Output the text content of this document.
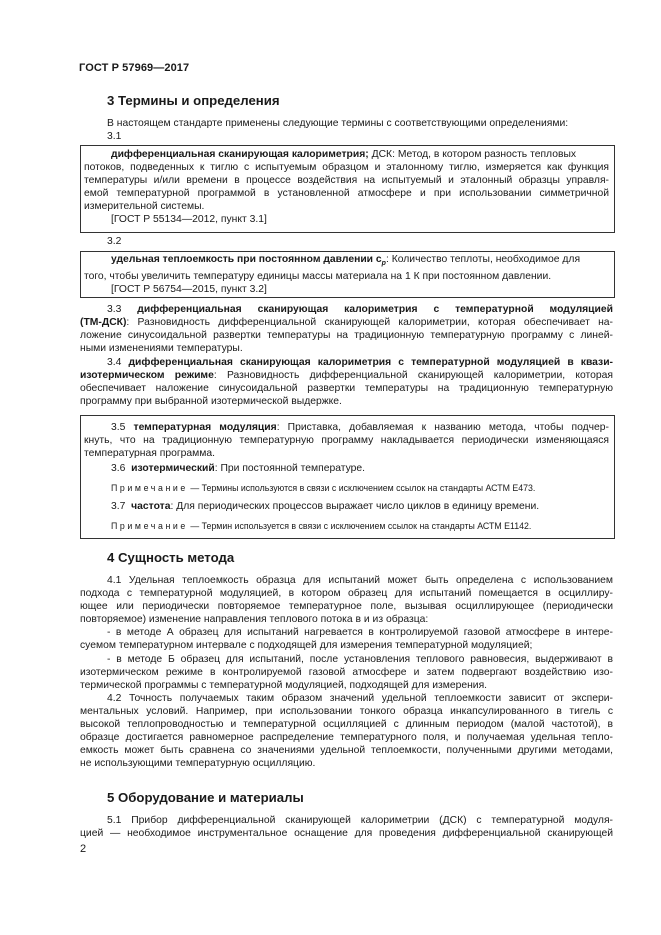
ГОСТ Р 57969—2017
3 Термины и определения
В настоящем стандарте применены следующие термины с соответствующими определениями:
3.1
дифференциальная сканирующая калориметрия; ДСК: Метод, в котором разность тепловых
потоков, подведенных к тиглю с испытуемым образцом и эталонному тиглю, измеряется как функция
температуры и/или времени в процессе воздействия на испытуемый и эталонный образцы управля-
емой температурной программой в установленной атмосфере и при использовании симметричной
измерительной системы.
[ГОСТ Р 55134—2012, пункт 3.1]
3.2
удельная теплоемкость при постоянном давлении $c_p$: Количество теплоты, необходимое для
того, чтобы увеличить температуру единицы массы материала на 1 К при постоянном давлении.
[ГОСТ Р 56754—2015, пункт 3.2]
3.3 дифференциальная сканирующая калориметрия с температурной модуляцией
(ТМ-ДСК): Разновидность дифференциальной сканирующей калориметрии, которая обеспечивает на-
ложение синусоидальной развертки температуры на традиционную температурную программу с линей-
ными изменениями температуры.
3.4 дифференциальная сканирующая калориметрия с температурной модуляцией в квази-
изотермическом режиме: Разновидность дифференциальной сканирующей калориметрии, которая
обеспечивает наложение синусоидальной развертки температуры на традиционную температурную
программу при выбранной изотермической выдержке.
3.5 температурная модуляция: Приставка, добавляемая к названию метода, чтобы подчер-
кнуть, что на традиционную температурную программу накладывается периодически изменяющаяся
температурная программа.
3.6 изотермический: При постоянной температуре.
Примечание — Термины используются в связи с исключением ссылок на стандарты АСТМ Е473.
3.7 частота: Для периодических процессов выражает число циклов в единицу времени.
Примечание — Термин используется в связи с исключением ссылок на стандарты АСТМ Е1142.
4 Сущность метода
4.1 Удельная теплоемкость образца для испытаний может быть определена с использованием
подхода с температурной модуляцией, в котором образец для испытаний помещается в осциллиру-
ющее или периодически повторяемое температурное поле, вызывая осциллирующее (периодически
повторяемое) изменение направления теплового потока в и из образца:
- в методе А образец для испытаний нагревается в контролируемой газовой атмосфере в интере-
суемом температурном интервале с подходящей для измерения температурной модуляцией;
- в методе Б образец для испытаний, после установления теплового равновесия, выдерживают в
изотермическом режиме в контролируемой газовой атмосфере и затем подвергают воздействию изо-
термической программы с температурной модуляцией, подходящей для измерения.
4.2 Точность получаемых таким образом значений удельной теплоемкости зависит от экспери-
ментальных условий. Например, при использовании тонкого образца инкапсулированного в тигель с
высокой теплопроводностью и температурной осцилляцией с длинным периодом (малой частотой), в
образце достигается равномерное распределение температурного поля, и получаемая удельная тепло-
емкость может быть сравнена со значениями удельной теплоемкости, полученными другими методами,
не использующими температурную осцилляцию.
5 Оборудование и материалы
5.1 Прибор дифференциальной сканирующей калориметрии (ДСК) с температурной модуля-
цией — необходимое инструментальное оснащение для проведения дифференциальной сканирующей
2
